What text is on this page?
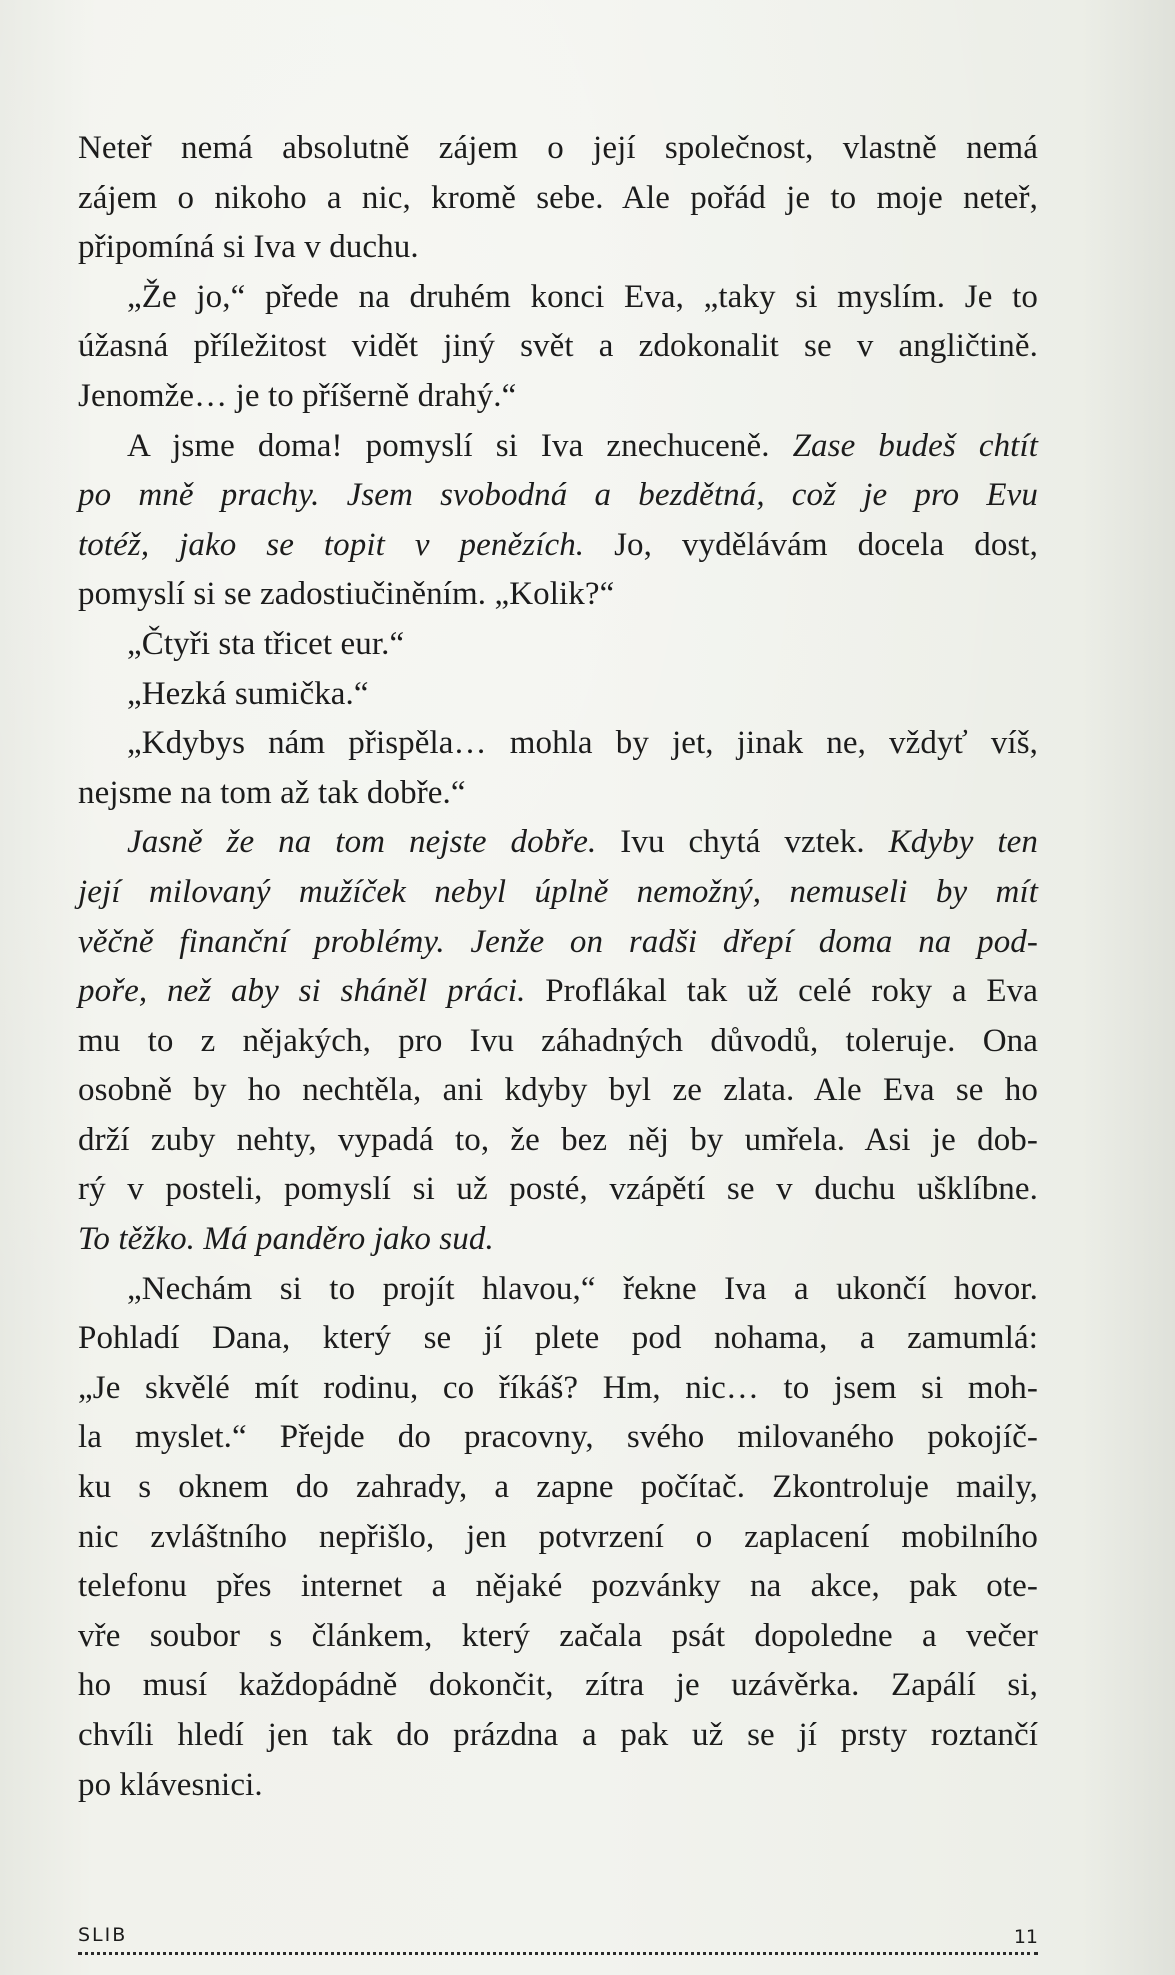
Neteř nemá absolutně zájem o její společnost, vlastně nemá
zájem o nikoho a nic, kromě sebe. Ale pořád je to moje neteř,
připomíná si Iva v duchu.
„Že jo,“ přede na druhém konci Eva, „taky si myslím. Je to
úžasná příležitost vidět jiný svět a zdokonalit se v angličtině.
Jenomže… je to příšerně drahý.“
A jsme doma! pomyslí si Iva znechuceně. Zase budeš chtít
po mně prachy. Jsem svobodná a bezdětná, což je pro Evu
totéž, jako se topit v penězích. Jo, vydělávám docela dost,
pomyslí si se zadostiučiněním. „Kolik?“
„Čtyři sta třicet eur.“
„Hezká sumička.“
„Kdybys nám přispěla… mohla by jet, jinak ne, vždyť víš,
nejsme na tom až tak dobře.“
Jasně že na tom nejste dobře. Ivu chytá vztek. Kdyby ten
její milovaný mužíček nebyl úplně nemožný, nemuseli by mít
věčně finanční problémy. Jenže on radši dřepí doma na pod-
poře, než aby si sháněl práci. Proflákal tak už celé roky a Eva
mu to z nějakých, pro Ivu záhadných důvodů, toleruje. Ona
osobně by ho nechtěla, ani kdyby byl ze zlata. Ale Eva se ho
drží zuby nehty, vypadá to, že bez něj by umřela. Asi je dob-
rý v posteli, pomyslí si už posté, vzápětí se v duchu ušklíbne.
To těžko. Má panděro jako sud.
„Nechám si to projít hlavou,“ řekne Iva a ukončí hovor.
Pohladí Dana, který se jí plete pod nohama, a zamumlá:
„Je skvělé mít rodinu, co říkáš? Hm, nic… to jsem si moh-
la myslet.“ Přejde do pracovny, svého milovaného pokojíč-
ku s oknem do zahrady, a zapne počítač. Zkontroluje maily,
nic zvláštního nepřišlo, jen potvrzení o zaplacení mobilního
telefonu přes internet a nějaké pozvánky na akce, pak ote-
vře soubor s článkem, který začala psát dopoledne a večer
ho musí každopádně dokončit, zítra je uzávěrka. Zapálí si,
chvíli hledí jen tak do prázdna a pak už se jí prsty roztančí
po klávesnici.
SLIB	11
